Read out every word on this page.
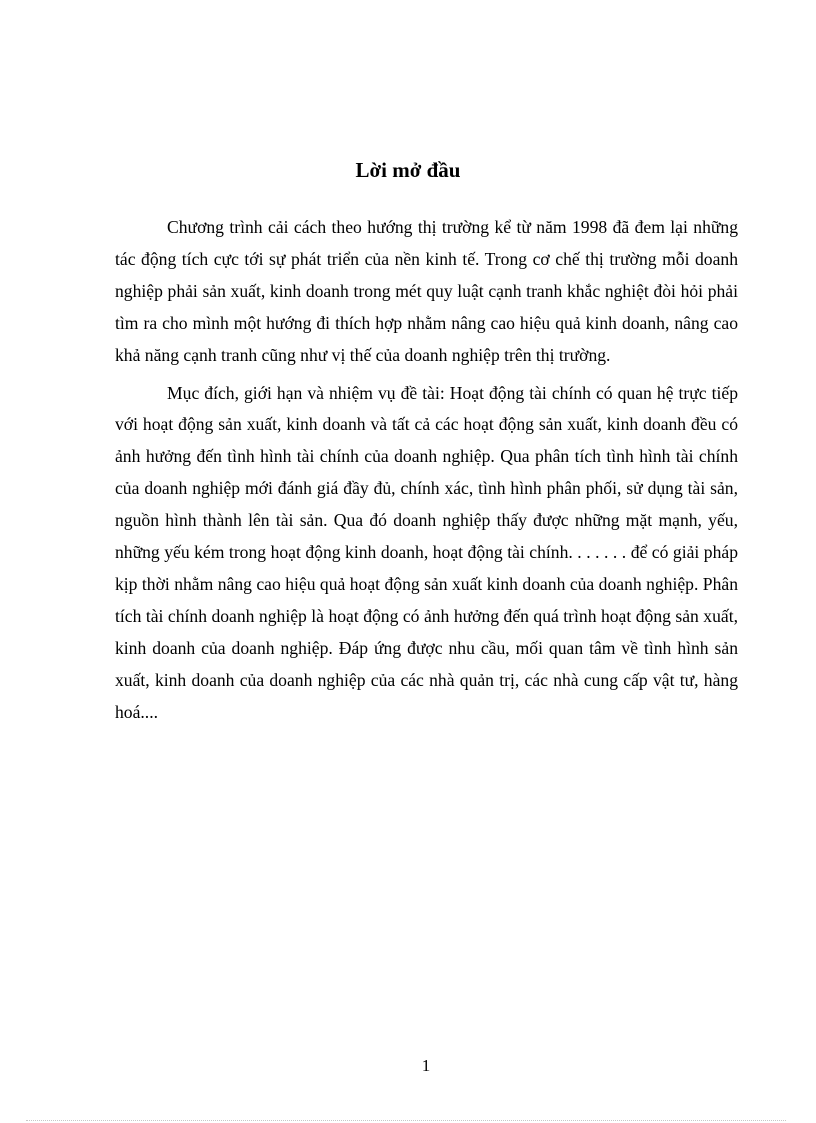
Lời mở đầu

Chương trình cải cách theo hướng thị trường kể từ năm 1998 đã đem lại những tác động tích cực tới sự phát triển của nền kinh tế. Trong cơ chế thị trường mỗi doanh nghiệp phải sản xuất, kinh doanh trong mét quy luật cạnh tranh khắc nghiệt đòi hỏi phải tìm ra cho mình một hướng đi thích hợp nhằm nâng cao hiệu quả kinh doanh, nâng cao khả năng cạnh tranh cũng như vị thế của doanh nghiệp trên thị trường.

Mục đích, giới hạn và nhiệm vụ đề tài: Hoạt động tài chính có quan hệ trực tiếp với hoạt động sản xuất, kinh doanh và tất cả các hoạt động sản xuất, kinh doanh đều có ảnh hưởng đến tình hình tài chính của doanh nghiệp. Qua phân tích tình hình tài chính của doanh nghiệp mới đánh giá đầy đủ, chính xác, tình hình phân phối, sử dụng tài sản, nguồn hình thành lên tài sản. Qua đó doanh nghiệp thấy được những mặt mạnh, yếu, những yếu kém trong hoạt động kinh doanh, hoạt động tài chính. . . . . . . để có giải pháp kịp thời nhằm nâng cao hiệu quả hoạt động sản xuất kinh doanh của doanh nghiệp. Phân tích tài chính doanh nghiệp là hoạt động có ảnh hưởng đến quá trình hoạt động sản xuất, kinh doanh của doanh nghiệp. Đáp ứng được nhu cầu, mối quan tâm về tình hình sản xuất, kinh doanh của doanh nghiệp của các nhà quản trị, các nhà cung cấp vật tư, hàng hoá....

1
